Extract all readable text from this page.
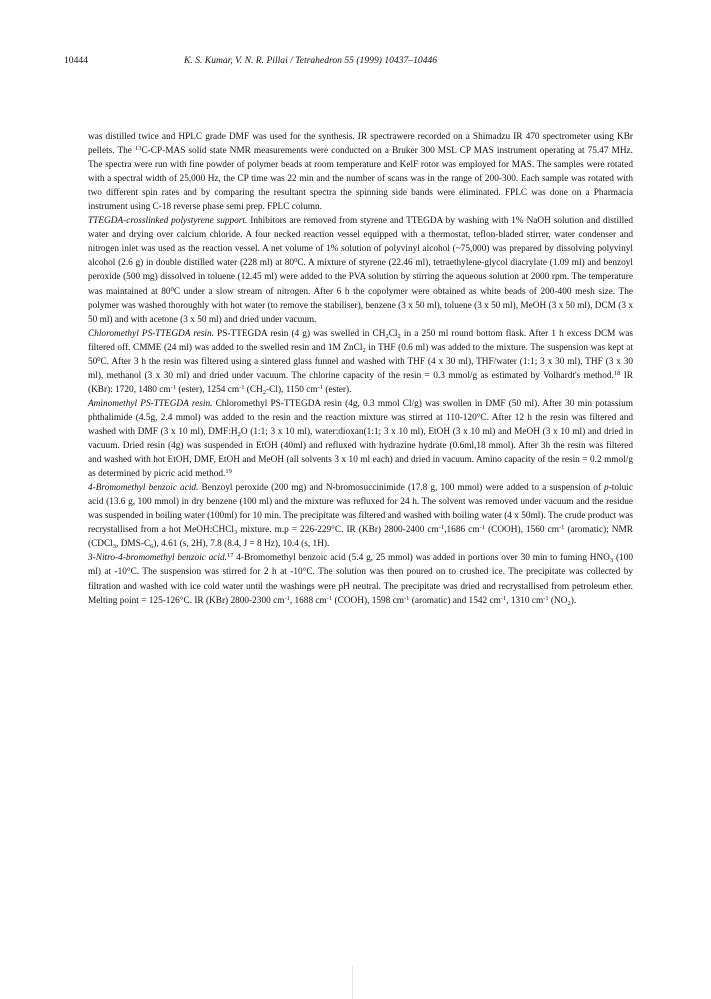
10444	K. S. Kumar, V. N. R. Pillai / Tetrahedron 55 (1999) 10437–10446

was distilled twice and HPLC grade DMF was used for the synthesis. IR spectrawere recorded on a Shimadzu IR 470 spectrometer using KBr pellets. The $^{13}$C-CP-MAS solid state NMR measurements were conducted on a Bruker 300 MSL CP MAS instrument operating at 75.47 MHz. The spectra were run with fine powder of polymer beads at room temperature and KelF rotor was employed for MAS. The samples were rotated with a spectral width of 25,000 Hz, the CP time was 22 min and the number of scans was in the range of 200-300. Each sample was rotated with two different spin rates and by comparing the resultant spectra the spinning side bands were eliminated. FPLC was done on a Pharmacia instrument using C-18 reverse phase semi prep. FPLC column.

TTEGDA-crosslinked polystyrene support. Inhibitors are removed from styrene and TTEGDA by washing with 1% NaOH solution and distilled water and drying over calcium chloride. A four necked reaction vessel equipped with a thermostat, teflon-bladed stirrer, water condenser and nitrogen inlet was used as the reaction vessel. A net volume of 1% solution of polyvinyl alcohol (~75,000) was prepared by dissolving polyvinyl alcohol (2.6 g) in double distilled water (228 ml) at $80^0C$. A mixture of styrene (22.46 ml), tetraethylene-glycol diacrylate (1.09 ml) and benzoyl peroxide (500 mg) dissolved in toluene (12.45 ml) were added to the PVA solution by stirring the aqueous solution at 2000 rpm. The temperature was maintained at $80^0C$ under a slow stream of nitrogen. After 6 h the copolymer were obtained as white beads of 200-400 mesh size. The polymer was washed thoroughly with hot water (to remove the stabiliser), benzene (3 x 50 ml), toluene (3 x 50 ml), MeOH (3 x 50 ml), DCM (3 x 50 ml) and with acetone (3 x 50 ml) and dried under vacuum.

Chloromethyl PS-TTEGDA resin. PS-TTEGDA resin (4 g) was swelled in $CH_2Cl_2$ in a 250 ml round bottom flask. After 1 h excess DCM was filtered off. CMME (24 ml) was added to the swelled resin and 1M ZnCl$_2$ in THF (0.6 ml) was added to the mixture. The suspension was kept at $50^0C$. After 3 h the resin was filtered using a sintered glass funnel and washed with THF (4 x 30 ml), THF/water (1:1; 3 x 30 ml), THF (3 x 30 ml), methanol (3 x 30 ml) and dried under vacuum. The chlorine capacity of the resin = 0.3 mmol/g as estimated by Volhardt's method.$^{18}$ IR (KBr): 1720, 1480 $cm^{-1}$ (ester), 1254 $cm^{-1}$ $(CH_2-Cl)$, 1150 $cm^{-1}$ (ester).

Aminomethyl PS-TTEGDA resin. Chloromethyl PS-TTEGDA resin (4g, 0.3 mmol Cl/g) was swollen in DMF (50 ml). After 30 min potassium phthalimide (4.5g, 2.4 mmol) was added to the resin and the reaction mixture was stirred at 110-120°C. After 12 h the resin was filtered and washed with DMF (3 x 10 ml), $DMF:H_2O$ (1:1; 3 x 10 ml), water:dioxan(1:1; 3 x 10 ml), EtOH (3 x 10 ml) and MeOH (3 x 10 ml) and dried in vacuum. Dried resin (4g) was suspended in EtOH (40ml) and refluxed with hydrazine hydrate (0.6ml,18 mmol). After 3h the resin was filtered and washed with hot EtOH, DMF, EtOH and MeOH (all solvents 3 x 10 ml each) and dried in vacuum. Amino capacity of the resin = 0.2 mmol/g as determined by picric acid method.$^{19}$

4-Bromomethyl benzoic acid. Benzoyl peroxide (200 mg) and N-bromosuccinimide (17.8 g, 100 mmol) were added to a suspension of p-toluic acid (13.6 g, 100 mmol) in dry benzene (100 ml) and the mixture was refluxed for 24 h. The solvent was removed under vacuum and the residue was suspended in boiling water (100ml) for 10 min. The precipitate was filtered and washed with boiling water (4 x 50ml). The crude product was recrystallised from a hot MeOH:CHCl$_3$ mixture. m.p = 226-229°C. IR (KBr) 2800-2400 $cm^{-1},1686$ $cm^{-1}$ (COOH), 1560 $cm^{-1}$ (aromatic); NMR (CDCl$_3$, DMS-$C_6$), 4.61 (s, 2H), 7.8 (8.4, J = 8 Hz), 10.4 (s, 1H).

3-Nitro-4-bromomethyl benzoic acid.$^{17}$ 4-Bromomethyl benzoic acid (5.4 g, 25 mmol) was added in portions over 30 min to fuming $HNO_3$ (100 ml) at -10°C. The suspension was stirred for 2 h at -10°C. The solution was then poured on to crushed ice. The precipitate was collected by filtration and washed with ice cold water until the washings were pH neutral. The precipitate was dried and recrystallised from petroleum ether. Melting point = 125-126°C. IR (KBr) 2800-2300 $cm^{-1}$, 1688 $cm^{-1}$ (COOH), 1598 $cm^{-1}$ (aromatic) and 1542 $cm^{-1}$, 1310 $cm^{-1}$ $(NO_2)$.
